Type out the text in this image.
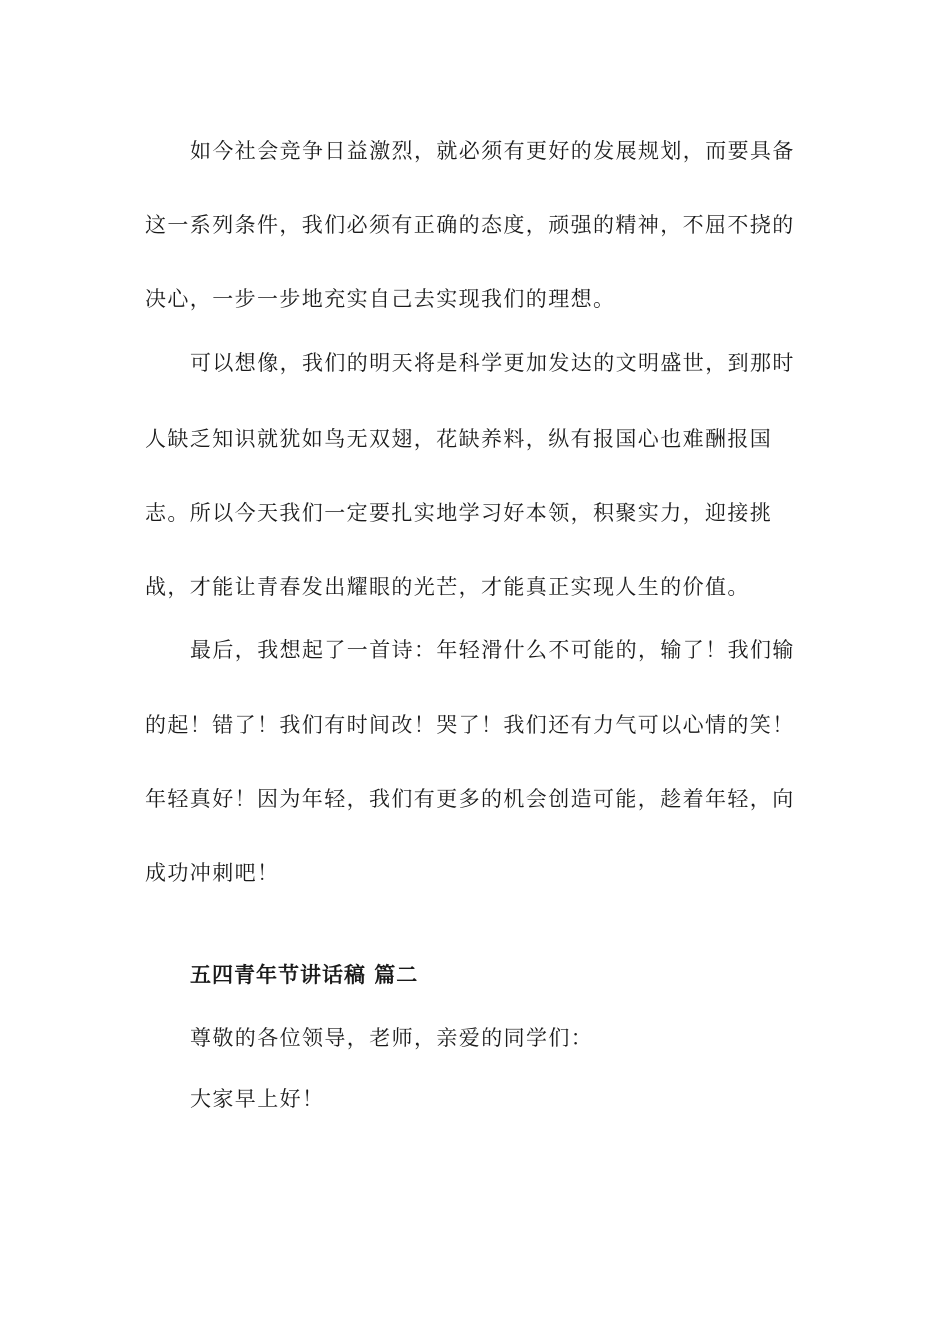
如今社会竞争日益激烈，就必须有更好的发展规划，而要具备
这一系列条件，我们必须有正确的态度，顽强的精神，不屈不挠的
决心，一步一步地充实自己去实现我们的理想。
可以想像，我们的明天将是科学更加发达的文明盛世，到那时
人缺乏知识就犹如鸟无双翅，花缺养料，纵有报国心也难酬报国
志。所以今天我们一定要扎实地学习好本领，积聚实力，迎接挑
战，才能让青春发出耀眼的光芒，才能真正实现人生的价值。
最后，我想起了一首诗：年轻滑什么不可能的，输了！我们输
的起！错了！我们有时间改！哭了！我们还有力气可以心情的笑！
年轻真好！因为年轻，我们有更多的机会创造可能，趁着年轻，向
成功冲刺吧！
五四青年节讲话稿 篇二
尊敬的各位领导，老师，亲爱的同学们：
大家早上好！
